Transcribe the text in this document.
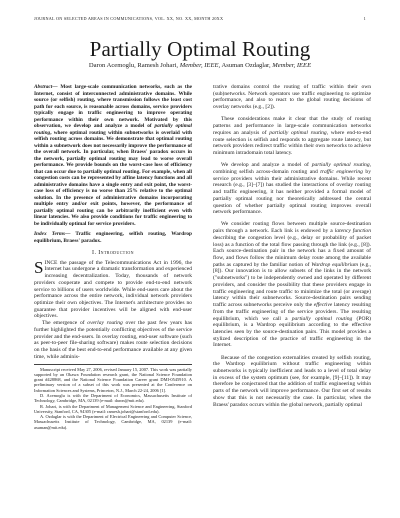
JOURNAL ON SELECTED AREAS IN COMMUNICATIONS, VOL. XX, NO. XX, MONTH 20XX	1
Partially Optimal Routing
Daron Acemoglu, Ramesh Johari, Member, IEEE, Asuman Ozdaglar, Member, IEEE
Abstract— Most large-scale communication networks, such as the Internet, consist of interconnected administrative domains. While source (or selfish) routing, where transmission follows the least cost path for each source, is reasonable across domains, service providers typically engage in traffic engineering to improve operating performance within their own network. Motivated by this observation, we develop and analyze a model of partially optimal routing, where optimal routing within subnetworks is overlaid with selfish routing across domains. We demonstrate that optimal routing within a subnetwork does not necessarily improve the performance of the overall network. In particular, when Braess' paradox occurs in the network, partially optimal routing may lead to worse overall performance. We provide bounds on the worst-case loss of efficiency that can occur due to partially optimal routing. For example, when all congestion costs can be represented by affine latency functions and all administrative domains have a single entry and exit point, the worst-case loss of efficiency is no worse than 25% relative to the optimal solution. In the presence of administrative domains incorporating multiple entry and/or exit points, however, the performance of partially optimal routing can be arbitrarily inefficient even with linear latencies. We also provide conditions for traffic engineering to be individually optimal for service providers.
Index Terms— Traffic engineering, selfish routing, Wardrop equilibrium, Braess' paradox.
I. Introduction

SINCE the passage of the Telecommunications Act in 1996, the Internet has undergone a dramatic transformation and experienced increasing decentralization. Today, thousands of network providers cooperate and compete to provide end-to-end network service to billions of users worldwide. While end-users care about the performance across the entire network, individual network providers optimize their own objectives. The Internet's architecture provides no guarantee that provider incentives will be aligned with end-user objectives.

The emergence of overlay routing over the past few years has further highlighted the potentially conflicting objectives of the service provider and the end-users. In overlay routing, end-user software (such as peer-to-peer file-sharing software) makes route selection decisions on the basis of the best end-to-end performance available at any given time, while adminis-

Manuscript received May 27, 2006, revised January 15, 2007. This work was partially supported by an Okawa Foundation research grant, the National Science Foundation grant #428868, and the National Science Foundation Career grant DMI-0545910. A preliminary version of a subset of this work was presented at the Conference on Information Sciences and Systems, Princeton, N.J., March 22-24, 2006 [1].

D. Acemoglu is with the Department of Economics, Massachusetts Institute of Technology, Cambridge, MA, 02139 (e-mail: daron@mit.edu).

R. Johari, is with the Department of Management Science and Engineering, Stanford University, Stanford, CA, 94305 (e-mail: ramesh.johari@stanford.edu).

A. Ozdaglar is with the Department of Electrical Engineering and Computer Science, Massachusetts Institute of Technology, Cambridge, MA, 02139 (e-mail: asuman@mit.edu).

trative domains control the routing of traffic within their own (sub)networks. Network operators use traffic engineering to optimize performance, and also to react to the global routing decisions of overlay networks (e.g., [2]).

These considerations make it clear that the study of routing patterns and performance in large-scale communication networks requires an analysis of partially optimal routing, where end-to-end route selection is selfish and responds to aggregate route latency, but network providers redirect traffic within their own networks to achieve minimum intradomain total latency.

We develop and analyze a model of partially optimal routing, combining selfish across-domain routing and traffic engineering by service providers within their administrative domains. While recent research (e.g., [3]–[7]) has studied the interactions of overlay routing and traffic engineering, it has neither provided a formal model of partially optimal routing nor theoretically addressed the central question of whether partially optimal routing improves overall network performance.

We consider routing flows between multiple source-destination pairs through a network. Each link is endowed by a latency function describing the congestion level (e.g., delay or probability of packet loss) as a function of the total flow passing through the link (e.g., [8]). Each source-destination pair in the network has a fixed amount of flow, and flows follow the minimum delay route among the available paths as captured by the familiar notion of Wardrop equilibrium (e.g., [8]). Our innovation is to allow subsets of the links in the network ("subnetworks") to be independently owned and operated by different providers, and consider the possibility that these providers engage in traffic engineering and route traffic to minimize the total (or average) latency within their subnetworks. Source-destination pairs sending traffic across subnetworks perceive only the effective latency resulting from the traffic engineering of the service providers. The resulting equilibrium, which we call a partially optimal routing (POR) equilibrium, is a Wardrop equilibrium according to the effective latencies seen by the source-destination pairs. This model provides a stylized description of the practice of traffic engineering in the Internet.

Because of the congestion externalities created by selfish routing, the Wardrop equilibrium without traffic engineering within subnetworks is typically inefficient and leads to a level of total delay in excess of the system optimum (see, for example, [9]–[11]). It may therefore be conjectured that the addition of traffic engineering within parts of the network will improve performance. Our first set of results show that this is not necessarily the case. In particular, when the Braess' paradox occurs within the global network, partially optimal
